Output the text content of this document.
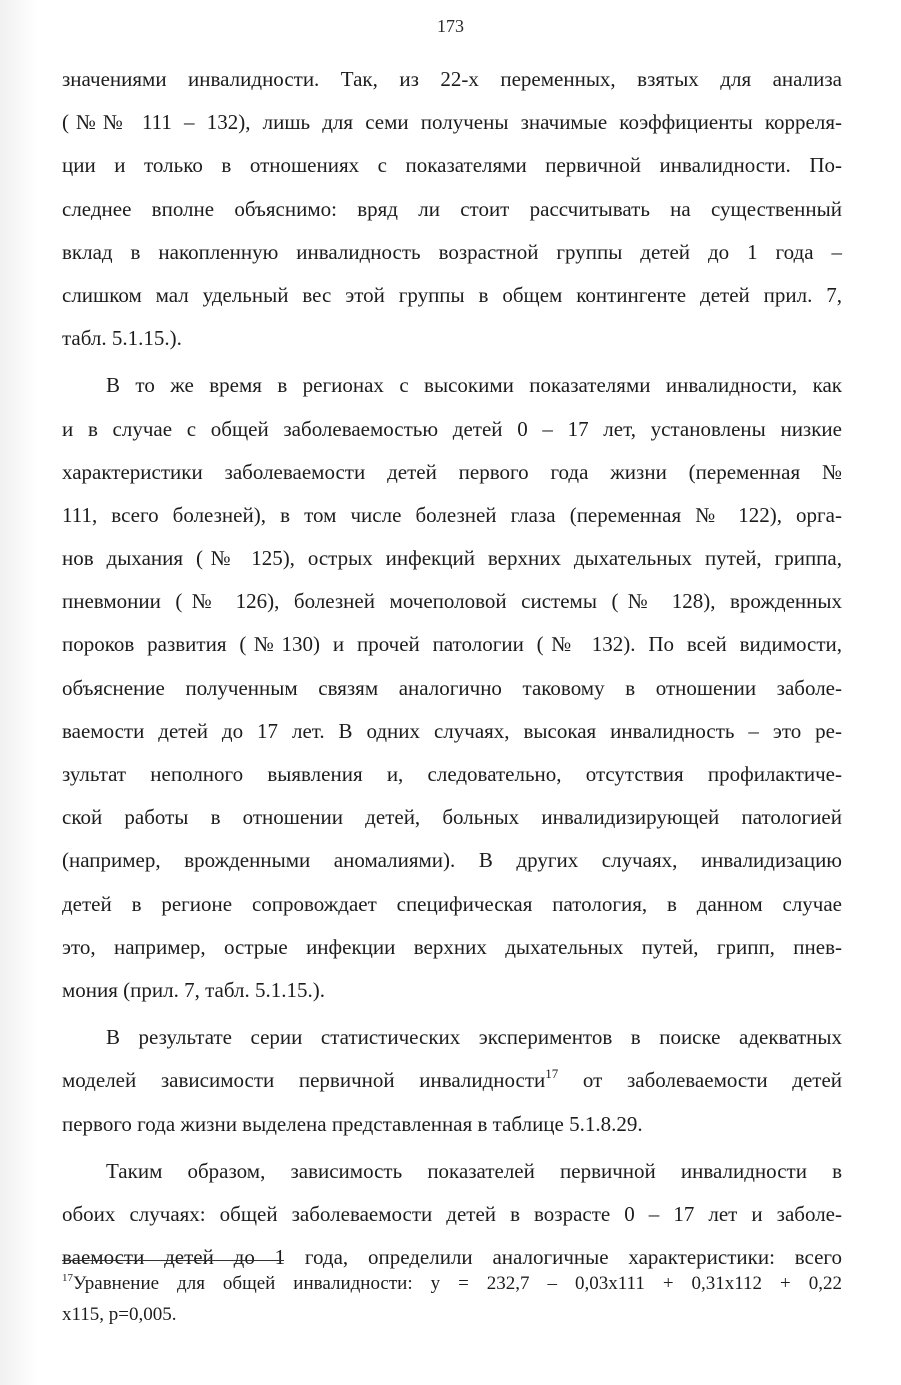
173
значениями инвалидности. Так, из 22-х переменных, взятых для анализа
(№№ 111 – 132), лишь для семи получены значимые коэффициенты корреля-
ции и только в отношениях с показателями первичной инвалидности. По-
следнее вполне объяснимо: вряд ли стоит рассчитывать на существенный
вклад в накопленную инвалидность возрастной группы детей до 1 года –
слишком мал удельный вес этой группы в общем контингенте детей прил. 7,
табл. 5.1.15.).
В то же время в регионах с высокими показателями инвалидности, как
и в случае с общей заболеваемостью детей 0 – 17 лет, установлены низкие
характеристики заболеваемости детей первого года жизни (переменная №
111, всего болезней), в том числе болезней глаза (переменная № 122), орга-
нов дыхания (№ 125), острых инфекций верхних дыхательных путей, гриппа,
пневмонии (№ 126), болезней мочеполовой системы (№ 128), врожденных
пороков развития (№130) и прочей патологии (№ 132). По всей видимости,
объяснение полученным связям аналогично таковому в отношении заболе-
ваемости детей до 17 лет. В одних случаях, высокая инвалидность – это ре-
зультат неполного выявления и, следовательно, отсутствия профилактиче-
ской работы в отношении детей, больных инвалидизирующей патологией
(например, врожденными аномалиями). В других случаях, инвалидизацию
детей в регионе сопровождает специфическая патология, в данном случае
это, например, острые инфекции верхних дыхательных путей, грипп, пнев-
мония (прил. 7, табл. 5.1.15.).
В результате серии статистических экспериментов в поиске адекватных
моделей зависимости первичной инвалидности$^{17}$ от заболеваемости детей
первого года жизни выделена представленная в таблице 5.1.8.29.
Таким образом, зависимость показателей первичной инвалидности в
обоих случаях: общей заболеваемости детей в возрасте 0 – 17 лет и заболе-
ваемости детей до 1 года, определили аналогичные характеристики: всего
$^{17}$Уравнение для общей инвалидности: y = 232,7 – 0,03x111 + 0,31x112 + 0,22
x115, p=0,005.
